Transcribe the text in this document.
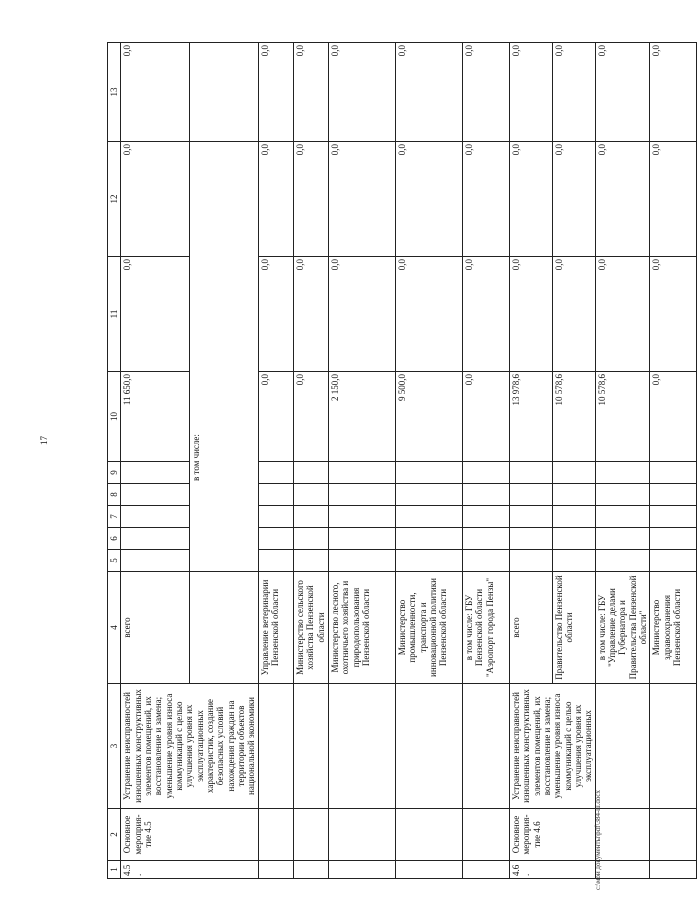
17
1	2	3	4	5	6	7	8	9	10	11	12	13	
4.5.	Основное мероприя-тие 4.5	Устранение неисправностей изношенных конструктивных элементов помещений, их восстановление и замена; уменьшение уровня износа коммуникаций с целью улучшения уровня их эксплуатационных характеристик, создание безопасных условий нахождения граждан на территории объектов национальной экономики	всего						11 650,0	0,0	0,0	0,0	
				в том числе:									
			Управление ветеринарии Пензенской области						0,0	0,0	0,0	0,0	
			Министерство сельского хозяйства Пензенской области						0,0	0,0	0,0	0,0	
			Министерство лесного, охотничьего хозяйства и природопользования Пензенской области						2 150,0	0,0	0,0	0,0	
			Министерство промышленности, транспорта и инновационной политики Пензенской области						9 500,0	0,0	0,0	0,0	
			в том числе: ГБУ Пензенской области "Аэропорт города Пензы"						0,0	0,0	0,0	0,0	
4.6.	Основное мероприя-тие 4.6	Устранение неисправностей изношенных конструктивных элементов помещений, их восстановление и замена; уменьшение уровня износа коммуникаций с целью улучшения уровня их эксплуатационных	всего						13 978,6	0,0	0,0	0,0	
			Правительство Пензенской области						10 578,6	0,0	0,0	0,0	
			в том числе: ГБУ "Управление делами Губернатора и Правительства Пензенской области"						10 578,6	0,0	0,0	0,0	
			Министерство здравоохранения Пензенской области						0,0	0,0	0,0	0,0	
c:\мои документы\pdf\384-ш.docx
